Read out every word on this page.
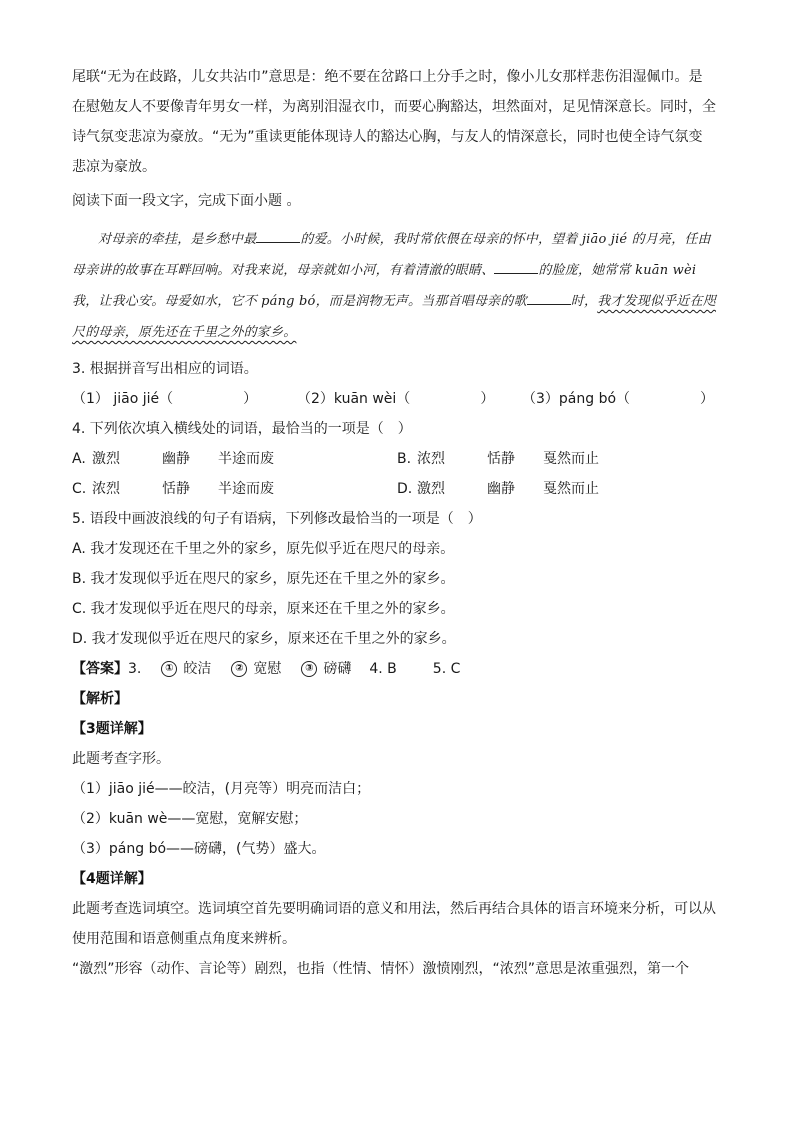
尾联“无为在歧路，儿女共沾巾”意思是：绝不要在岔路口上分手之时，像小儿女那样悲伤泪湿佩巾。是

在慰勉友人不要像青年男女一样，为离别泪湿衣巾，而要心胸豁达，坦然面对，足见情深意长。同时，全

诗气氛变悲凉为豪放。“无为”重读更能体现诗人的豁达心胸，与友人的情深意长，同时也使全诗气氛变

悲凉为豪放。

阅读下面一段文字，完成下面小题 。

对母亲的牵挂，是乡愁中最	的爱。小时候，我时常依偎在母亲的怀中，望着 jiāo jié 的月亮，任由母亲讲的故事在耳畔回响。对我来说，母亲就如小河，有着清澈的眼睛、	的脸庞，她常常 kuān wèi 我，让我心安。母爱如水，它不 páng bó，而是润物无声。当那首唱母亲的歌	时，我才发现似乎近在咫尺的母亲，原先还在千里之外的家乡。

3. 根据拼音写出相应的词语。

（1） jiāo jié（	）	（2）kuān wèi（	）	（3）páng bó（	）

4. 下列依次填入横线处的词语，最恰当的一项是（　）

A. 激烈	幽静	半途而废	B. 浓烈	恬静	戛然而止
C. 浓烈	恬静	半途而废	D. 激烈	幽静	戛然而止

5. 语段中画波浪线的句子有语病，下列修改最恰当的一项是（　）

A. 我才发现还在千里之外的家乡，原先似乎近在咫尺的母亲。

B. 我才发现似乎近在咫尺的家乡，原先还在千里之外的家乡。

C. 我才发现似乎近在咫尺的母亲，原来还在千里之外的家乡。

D. 我才发现似乎近在咫尺的家乡，原来还在千里之外的家乡。

【答案】 3.	① 皎洁	② 宽慰	③ 磅礴 4. B	5. C

【解析】

【3题详解】

此题考查字形。

（1）jiāo jié——皎洁，(月亮等）明亮而洁白；

（2）kuān wè——宽慰，宽解安慰；

（3）páng bó——磅礴，(气势）盛大。

【4题详解】

此题考查选词填空。选词填空首先要明确词语的意义和用法，然后再结合具体的语言环境来分析，可以从

使用范围和语意侧重点角度来辨析。

“激烈”形容（动作、言论等）剧烈，也指（性情、情怀）激愤刚烈，“浓烈”意思是浓重强烈，第一个
